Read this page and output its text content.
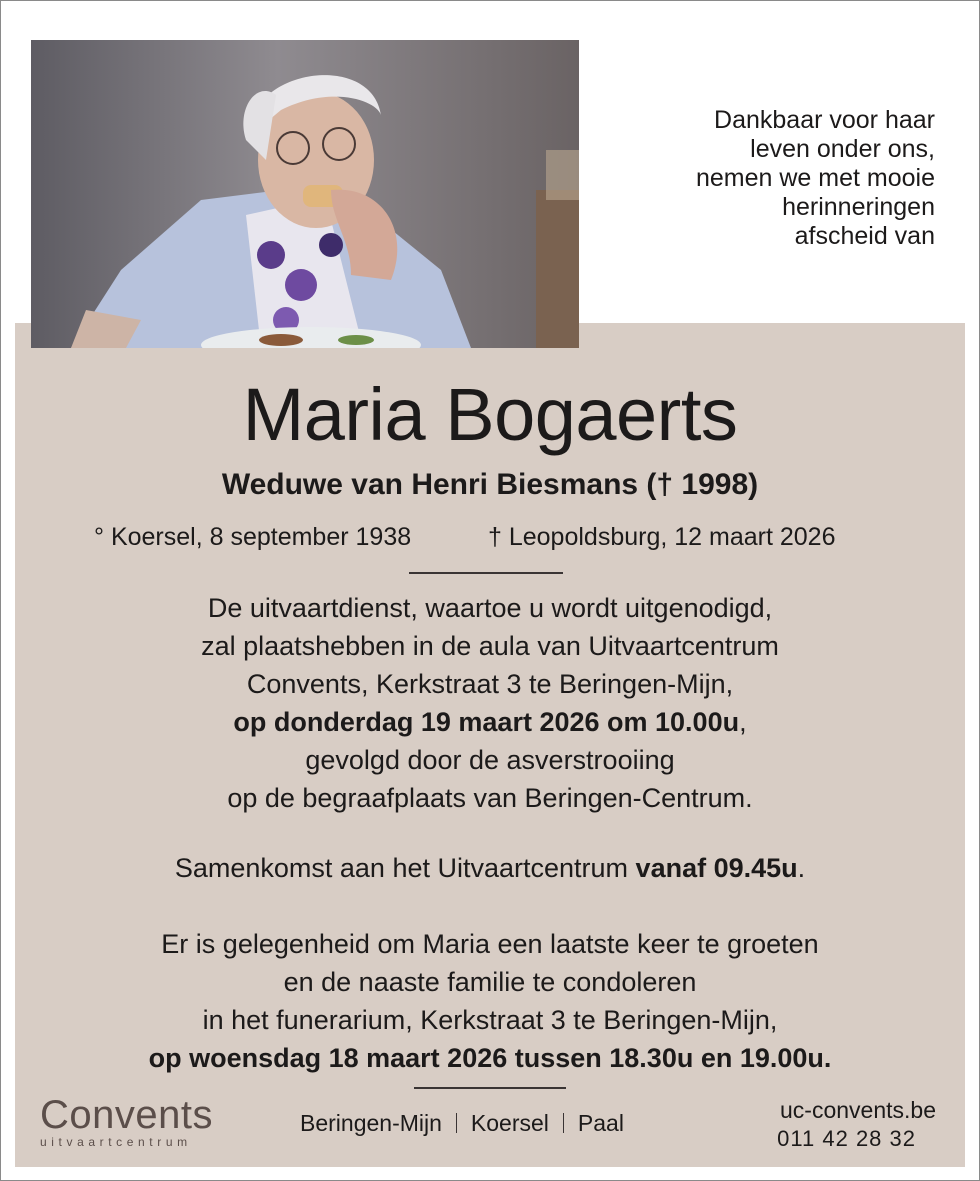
Dankbaar voor haar
leven onder ons,
nemen we met mooie
herinneringen
afscheid van
Maria Bogaerts
Weduwe van Henri Biesmans († 1998)
° Koersel, 8 september 1938	† Leopoldsburg, 12 maart 2026
De uitvaartdienst, waartoe u wordt uitgenodigd,
zal plaatshebben in de aula van Uitvaartcentrum
Convents, Kerkstraat 3 te Beringen-Mijn,
op donderdag 19 maart 2026 om 10.00u,
gevolgd door de asverstrooiing
op de begraafplaats van Beringen-Centrum.
Samenkomst aan het Uitvaartcentrum vanaf 09.45u.
Er is gelegenheid om Maria een laatste keer te groeten
en de naaste familie te condoleren
in het funerarium, Kerkstraat 3 te Beringen-Mijn,
op woensdag 18 maart 2026 tussen 18.30u en 19.00u.
Convents
uitvaartcentrum
Beringen-Mijn Koersel Paal	uc-convents.be
011 42 28 32
